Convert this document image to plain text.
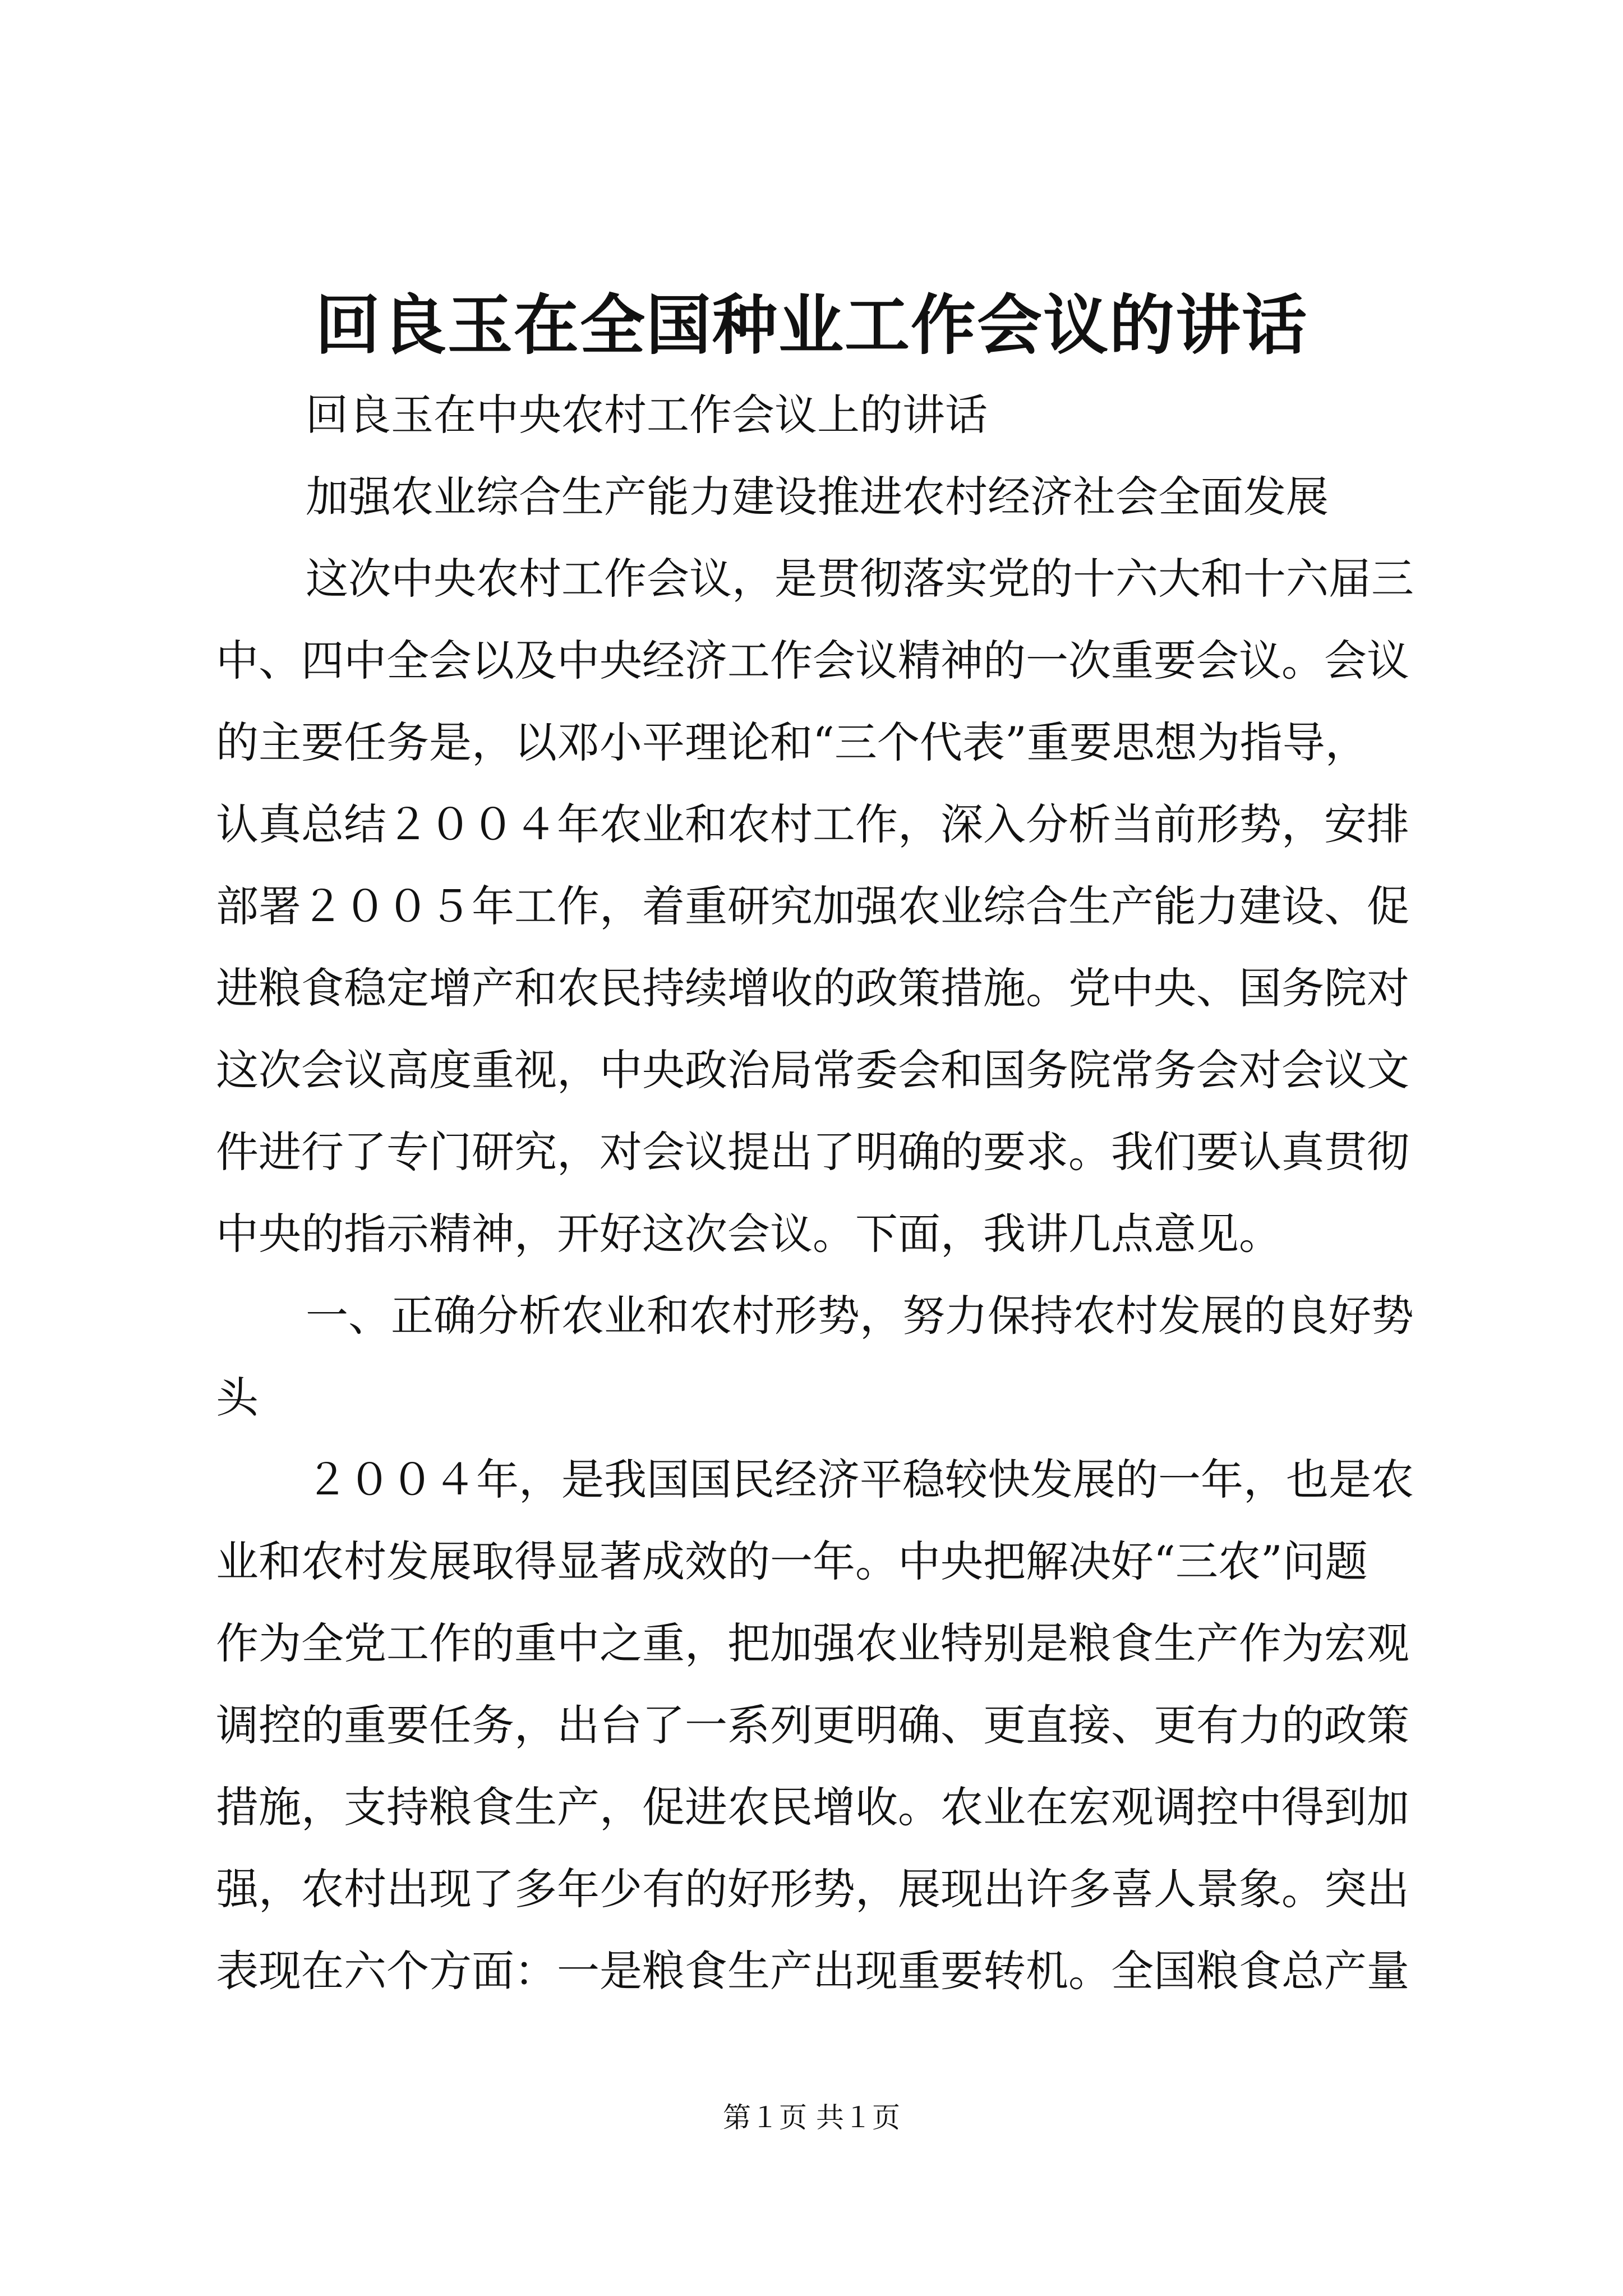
回良玉在全国种业工作会议的讲话
回良玉在中央农村工作会议上的讲话
加强农业综合生产能力建设推进农村经济社会全面发展
这次中央农村工作会议，是贯彻落实党的十六大和十六届三
中、四中全会以及中央经济工作会议精神的一次重要会议。会议
的主要任务是，以邓小平理论和“三个代表”重要思想为指导，
认真总结２００４年农业和农村工作，深入分析当前形势，安排
部署２００５年工作，着重研究加强农业综合生产能力建设、促
进粮食稳定增产和农民持续增收的政策措施。党中央、国务院对
这次会议高度重视，中央政治局常委会和国务院常务会对会议文
件进行了专门研究，对会议提出了明确的要求。我们要认真贯彻
中央的指示精神，开好这次会议。下面，我讲几点意见。
一、正确分析农业和农村形势，努力保持农村发展的良好势
头
２００４年，是我国国民经济平稳较快发展的一年，也是农
业和农村发展取得显著成效的一年。中央把解决好“三农”问题
作为全党工作的重中之重，把加强农业特别是粮食生产作为宏观
调控的重要任务，出台了一系列更明确、更直接、更有力的政策
措施，支持粮食生产，促进农民增收。农业在宏观调控中得到加
强，农村出现了多年少有的好形势，展现出许多喜人景象。突出
表现在六个方面：一是粮食生产出现重要转机。全国粮食总产量
第１页 共１页
